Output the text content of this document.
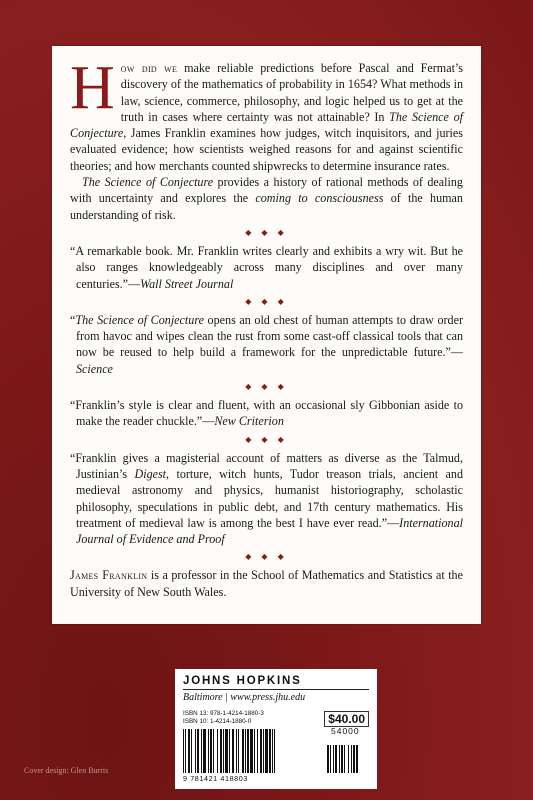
H ow did we make reliable predictions before Pascal and Fermat’s discovery of the mathematics of probability in 1654? What methods in law, science, commerce, philosophy, and logic helped us to get at the truth in cases where certainty was not attainable? In The Science of Conjecture, James Franklin examines how judges, witch inquisitors, and juries evaluated evidence; how scientists weighed reasons for and against scientific theories; and how merchants counted shipwrecks to determine insurance rates.

The Science of Conjecture provides a history of rational methods of dealing with uncertainty and explores the coming to consciousness of the human understanding of risk.

◆ ◆ ◆

“A remarkable book. Mr. Franklin writes clearly and exhibits a wry wit. But he also ranges knowledgeably across many disciplines and over many centuries.”—Wall Street Journal

◆ ◆ ◆

“The Science of Conjecture opens an old chest of human attempts to draw order from havoc and wipes clean the rust from some cast-off classical tools that can now be reused to help build a framework for the unpredictable future.”—Science

◆ ◆ ◆

“Franklin’s style is clear and fluent, with an occasional sly Gibbonian aside to make the reader chuckle.”—New Criterion

◆ ◆ ◆

“Franklin gives a magisterial account of matters as diverse as the Talmud, Justinian’s Digest, torture, witch hunts, Tudor treason trials, ancient and medieval astronomy and physics, humanist historiography, scholastic philosophy, speculations in public debt, and 17th century mathematics. His treatment of medieval law is among the best I have ever read.”—International Journal of Evidence and Proof

◆ ◆ ◆

James Franklin is a professor in the School of Mathematics and Statistics at the University of New South Wales.

JOHNS HOPKINS
Baltimore | www.press.jhu.edu
ISBN 13: 978-1-4214-1880-3
ISBN 10: 1-4214-1880-0	$40.00
54000
9 781421 418803
Cover design: Glen Burris
